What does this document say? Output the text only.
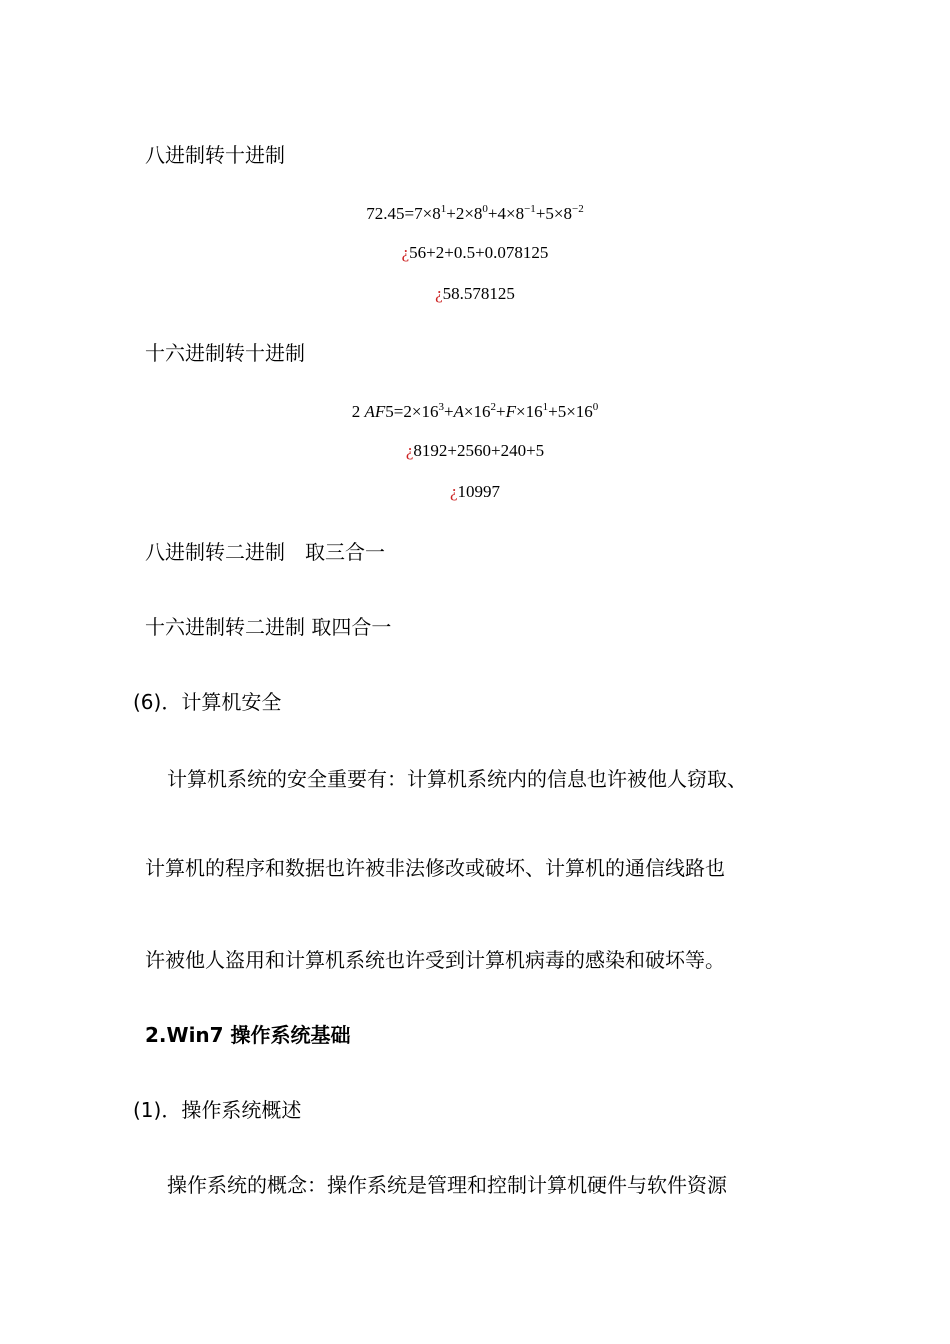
八进制转十进制
$72.45=7\times 8^1+2\times 8^0+4\times 8^{-1}+5\times 8^{-2}$
¿56+2+0.5+0.078125
¿58.578125
十六进制转十进制
2 $AF5=2\times 16^3+A\times 16^2+F\times 16^1+5\times 16^0$
¿8192+2560+240+5
¿10997
八进制转二进制　取三合一
十六进制转二进制 取四合一
(6)．计算机安全
计算机系统的安全重要有：计算机系统内的信息也许被他人窃取、
计算机的程序和数据也许被非法修改或破坏、计算机的通信线路也
许被他人盗用和计算机系统也许受到计算机病毒的感染和破坏等。
2.Win7 操作系统基础
(1)．操作系统概述
操作系统的概念：操作系统是管理和控制计算机硬件与软件资源
